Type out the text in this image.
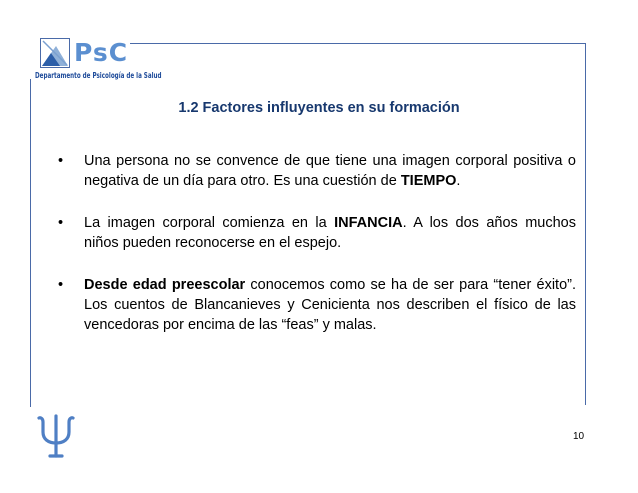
PsC
Departamento de Psicología de la Salud
1.2 Factores influyentes en su formación
•	Una persona no se convence de que tiene una imagen corporal positiva o negativa de un día para otro. Es una cuestión de TIEMPO.
•	La imagen corporal comienza en la INFANCIA. A los dos años muchos niños pueden reconocerse en el espejo.
•	Desde edad preescolar conocemos como se ha de ser para “tener éxito”. Los cuentos de Blancanieves y Cenicienta nos describen el físico de las vencedoras por encima de las “feas” y malas.
10
